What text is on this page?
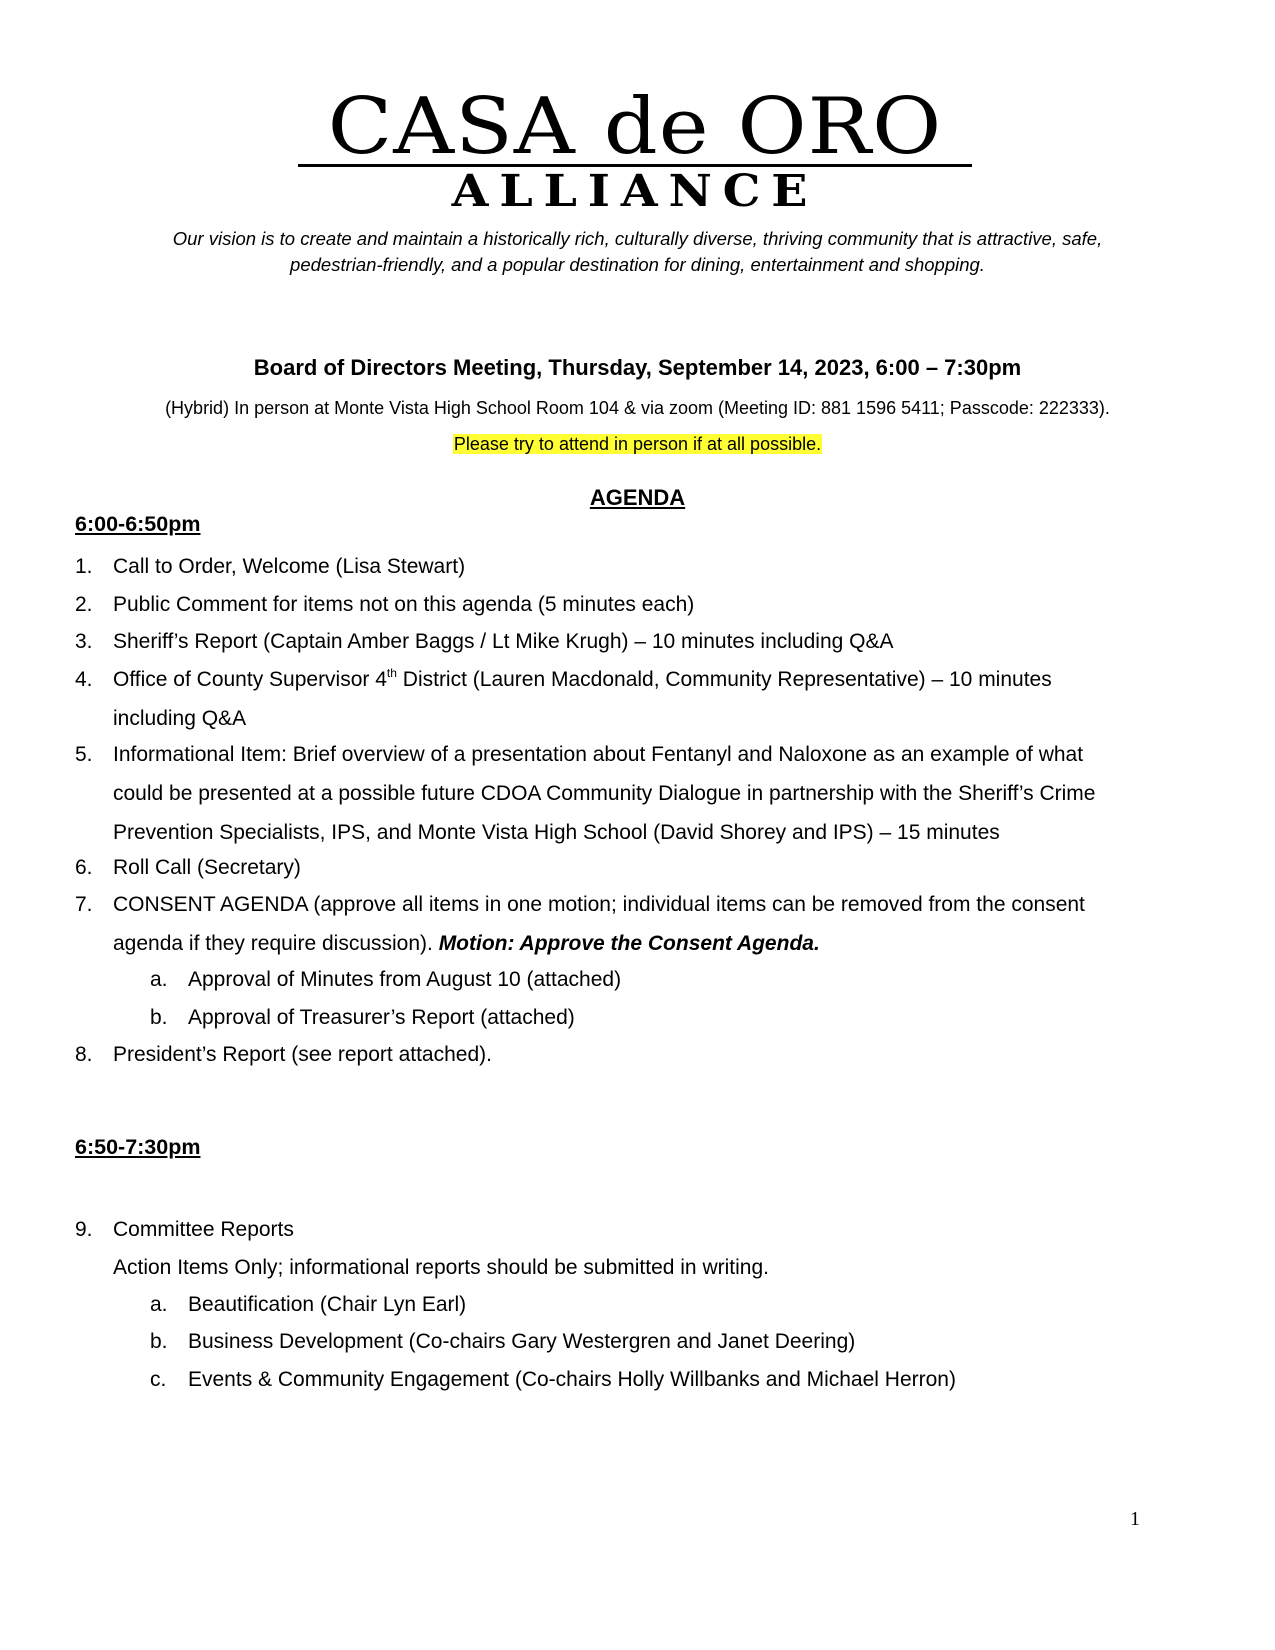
CASA de ORO
ALLIANCE
Our vision is to create and maintain a historically rich, culturally diverse, thriving community that is attractive, safe,
pedestrian-friendly, and a popular destination for dining, entertainment and shopping.
Board of Directors Meeting, Thursday, September 14, 2023, 6:00 – 7:30pm
(Hybrid) In person at Monte Vista High School Room 104 & via zoom (Meeting ID: 881 1596 5411; Passcode: 222333).
Please try to attend in person if at all possible.
AGENDA
6:00-6:50pm
1. Call to Order, Welcome (Lisa Stewart)
2. Public Comment for items not on this agenda (5 minutes each)
3. Sheriff’s Report (Captain Amber Baggs / Lt Mike Krugh) – 10 minutes including Q&A
4. Office of County Supervisor 4th District (Lauren Macdonald, Community Representative) – 10 minutes
including Q&A
5. Informational Item: Brief overview of a presentation about Fentanyl and Naloxone as an example of what
could be presented at a possible future CDOA Community Dialogue in partnership with the Sheriff’s Crime
Prevention Specialists, IPS, and Monte Vista High School (David Shorey and IPS) – 15 minutes
6. Roll Call (Secretary)
7. CONSENT AGENDA (approve all items in one motion; individual items can be removed from the consent
agenda if they require discussion). Motion: Approve the Consent Agenda.
a. Approval of Minutes from August 10 (attached)
b. Approval of Treasurer’s Report (attached)
8. President’s Report (see report attached).
6:50-7:30pm
9. Committee Reports
Action Items Only; informational reports should be submitted in writing.
a. Beautification (Chair Lyn Earl)
b. Business Development (Co-chairs Gary Westergren and Janet Deering)
c. Events & Community Engagement (Co-chairs Holly Willbanks and Michael Herron)
1
